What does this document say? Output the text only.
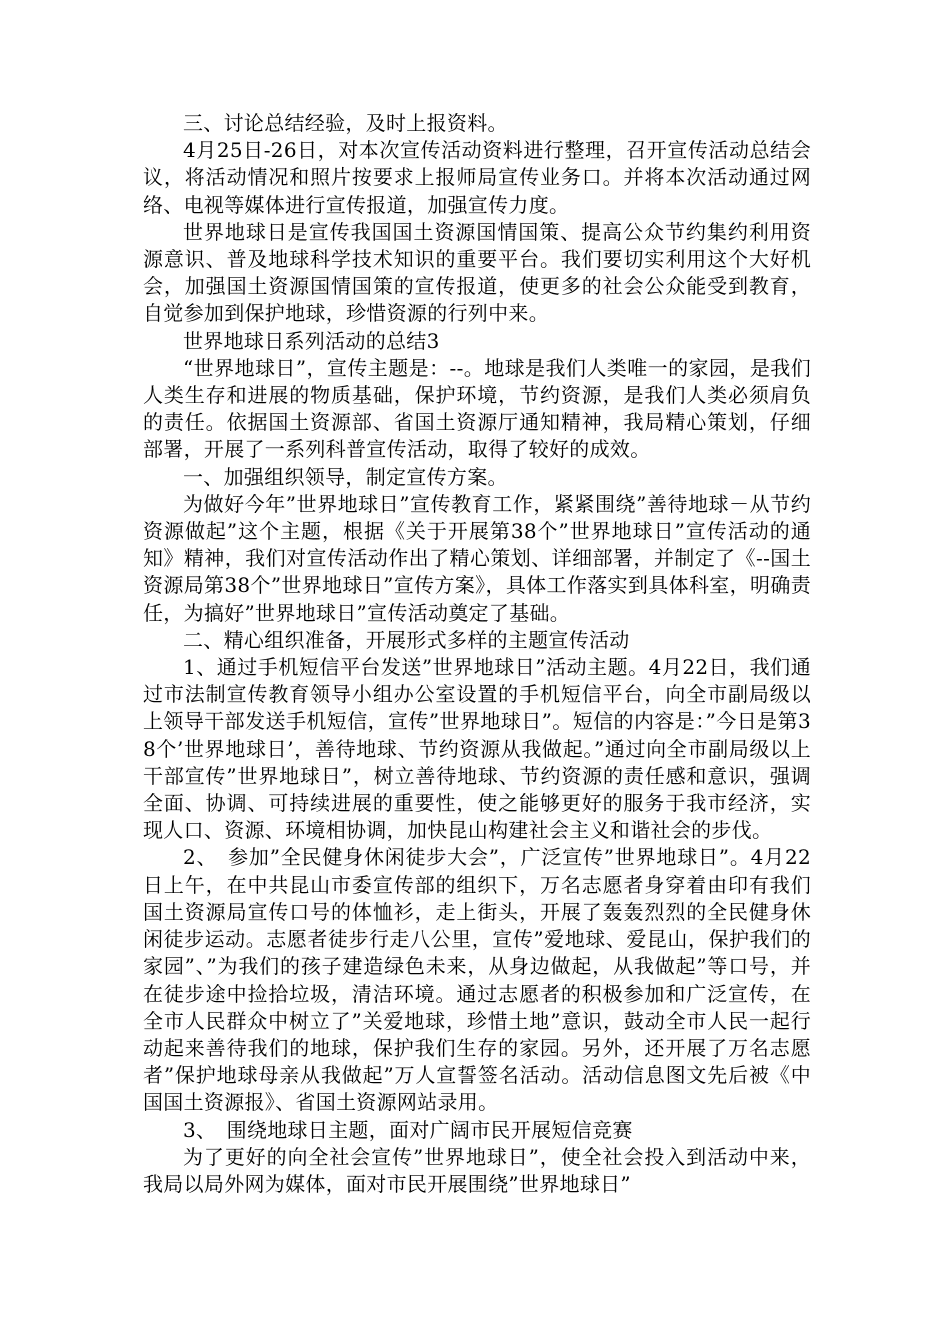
三、讨论总结经验，及时上报资料。

4月25日-26日，对本次宣传活动资料进行整理，召开宣传活动总结会议，将活动情况和照片按要求上报师局宣传业务口。并将本次活动通过网络、电视等媒体进行宣传报道，加强宣传力度。

世界地球日是宣传我国国土资源国情国策、提高公众节约集约利用资源意识、普及地球科学技术知识的重要平台。我们要切实利用这个大好机会，加强国土资源国情国策的宣传报道，使更多的社会公众能受到教育，自觉参加到保护地球，珍惜资源的行列中来。

世界地球日系列活动的总结3

“世界地球日”，宣传主题是：--。地球是我们人类唯一的家园，是我们人类生存和进展的物质基础，保护环境，节约资源，是我们人类必须肩负的责任。依据国土资源部、省国土资源厅通知精神，我局精心策划，仔细部署，开展了一系列科普宣传活动，取得了较好的成效。

一、加强组织领导，制定宣传方案。

为做好今年”世界地球日”宣传教育工作，紧紧围绕”善待地球－从节约资源做起”这个主题，根据《关于开展第38个”世界地球日”宣传活动的通知》精神，我们对宣传活动作出了精心策划、详细部署，并制定了《--国土资源局第38个”世界地球日”宣传方案》，具体工作落实到具体科室，明确责任，为搞好”世界地球日”宣传活动奠定了基础。

二、精心组织准备，开展形式多样的主题宣传活动

1、通过手机短信平台发送”世界地球日”活动主题。4月22日，我们通过市法制宣传教育领导小组办公室设置的手机短信平台，向全市副局级以上领导干部发送手机短信，宣传”世界地球日”。短信的内容是：”今日是第38个’世界地球日’，善待地球、节约资源从我做起。”通过向全市副局级以上干部宣传”世界地球日”，树立善待地球、节约资源的责任感和意识，强调全面、协调、可持续进展的重要性，使之能够更好的服务于我市经济，实现人口、资源、环境相协调，加快昆山构建社会主义和谐社会的步伐。

2、　参加”全民健身休闲徒步大会”，广泛宣传”世界地球日”。4月22日上午，在中共昆山市委宣传部的组织下，万名志愿者身穿着由印有我们国土资源局宣传口号的体恤衫，走上街头，开展了轰轰烈烈的全民健身休闲徒步运动。志愿者徒步行走八公里，宣传”爱地球、爱昆山，保护我们的家园”、”为我们的孩子建造绿色未来，从身边做起，从我做起”等口号，并在徒步途中捡拾垃圾，清洁环境。通过志愿者的积极参加和广泛宣传，在全市人民群众中树立了”关爱地球，珍惜土地”意识，鼓动全市人民一起行动起来善待我们的地球，保护我们生存的家园。另外，还开展了万名志愿者”保护地球母亲从我做起”万人宣誓签名活动。活动信息图文先后被《中国国土资源报》、省国土资源网站录用。

3、　围绕地球日主题，面对广阔市民开展短信竞赛

为了更好的向全社会宣传”世界地球日”，使全社会投入到活动中来，我局以局外网为媒体，面对市民开展围绕”世界地球日”
